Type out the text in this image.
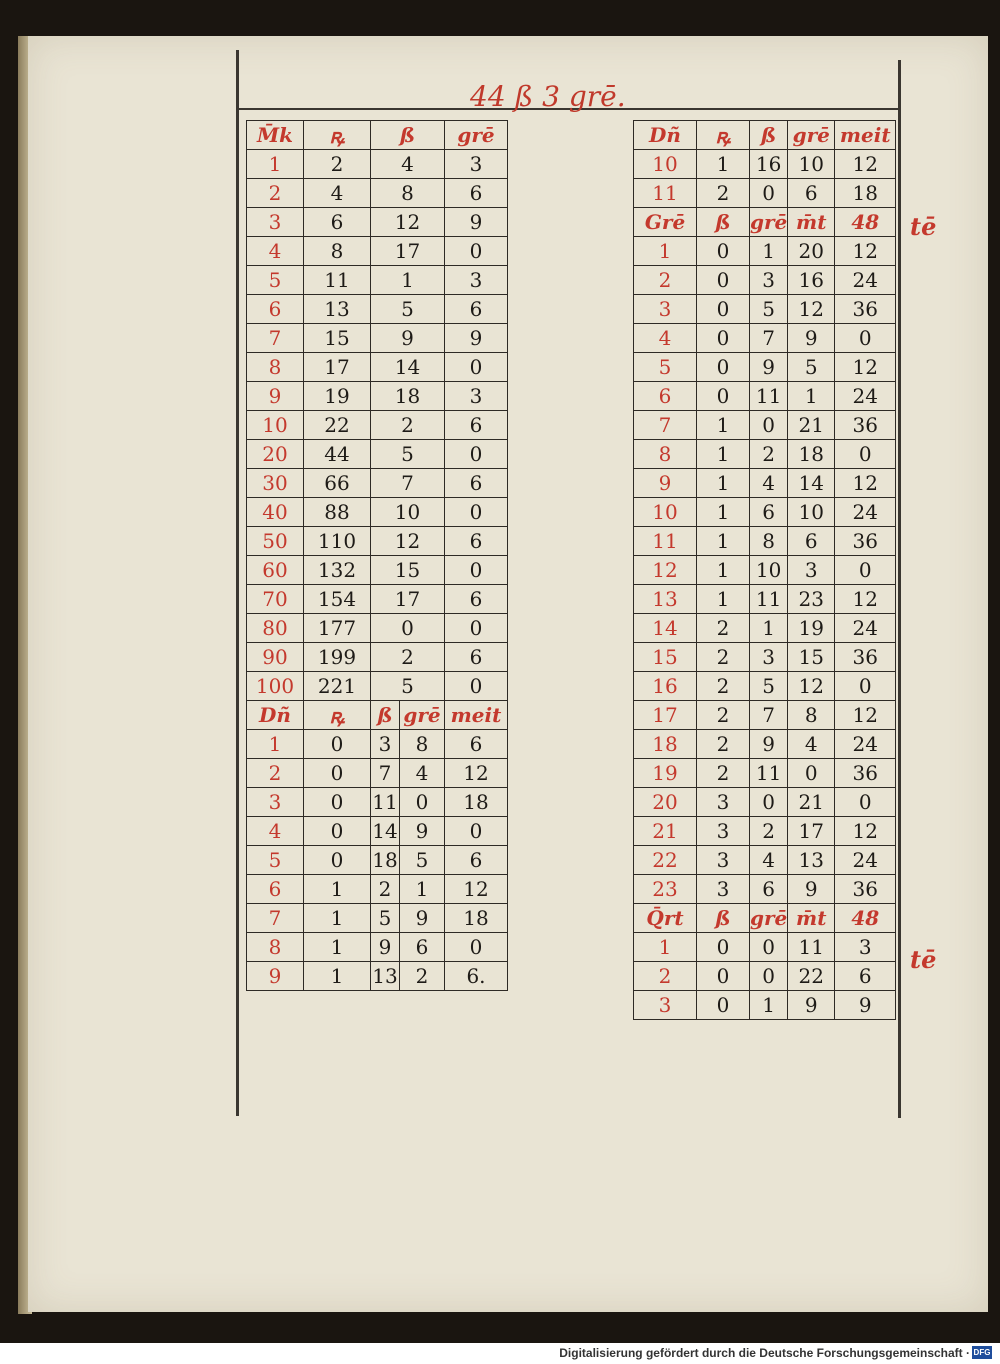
44 ß 3 grē.
M̄k	ꝶ	ß		grē
1	2	4		3
2	4	8		6
3	6	12		9
4	8	17		0
5	11	1		3
6	13	5		6
7	15	9		9
8	17	14		0
9	19	18		3
10	22	2		6
20	44	5		0
30	66	7		6
40	88	10		0
50	110	12		6
60	132	15		0
70	154	17		6
80	177	0		0
90	199	2		6
100	221	5		0
Dñ	ꝶ	ß	grē	meit
1	0	3	8	6
2	0	7	4	12
3	0	11	0	18
4	0	14	9	0
5	0	18	5	6
6	1	2	1	12
7	1	5	9	18
8	1	9	6	0
9	1	13	2	6.
Dñ	ꝶ	ß	grē	meit
10	1	16	10	12
11	2	0	6	18
Grē	ß	grē	m̄t	48
1	0	1	20	12
2	0	3	16	24
3	0	5	12	36
4	0	7	9	0
5	0	9	5	12
6	0	11	1	24
7	1	0	21	36
8	1	2	18	0
9	1	4	14	12
10	1	6	10	24
11	1	8	6	36
12	1	10	3	0
13	1	11	23	12
14	2	1	19	24
15	2	3	15	36
16	2	5	12	0
17	2	7	8	12
18	2	9	4	24
19	2	11	0	36
20	3	0	21	0
21	3	2	17	12
22	3	4	13	24
23	3	6	9	36
Q̄rt	ß	grē	m̄t	48
1	0	0	11	3
2	0	0	22	6
3	0	1	9	9
tē
tē
Digitalisierung gefördert durch die Deutsche Forschungsgemeinschaft · DFG
